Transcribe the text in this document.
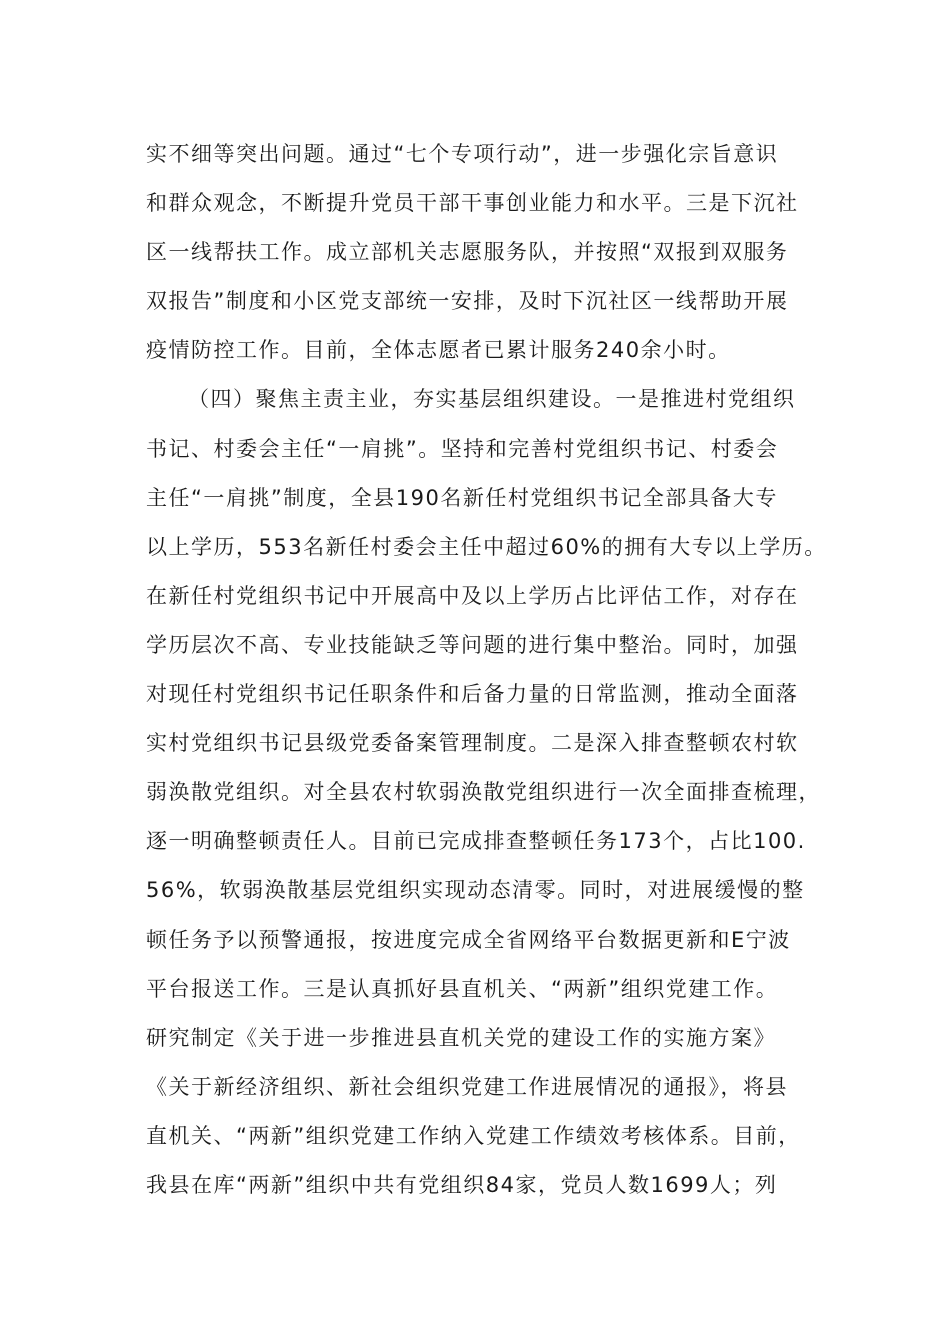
实不细等突出问题。通过“七个专项行动”，进一步强化宗旨意识
和群众观念，不断提升党员干部干事创业能力和水平。三是下沉社
区一线帮扶工作。成立部机关志愿服务队，并按照“双报到双服务
双报告”制度和小区党支部统一安排，及时下沉社区一线帮助开展
疫情防控工作。目前，全体志愿者已累计服务240余小时。
（四）聚焦主责主业，夯实基层组织建设。一是推进村党组织
书记、村委会主任“一肩挑”。坚持和完善村党组织书记、村委会
主任“一肩挑”制度，全县190名新任村党组织书记全部具备大专
以上学历，553名新任村委会主任中超过60%的拥有大专以上学历。
在新任村党组织书记中开展高中及以上学历占比评估工作，对存在
学历层次不高、专业技能缺乏等问题的进行集中整治。同时，加强
对现任村党组织书记任职条件和后备力量的日常监测，推动全面落
实村党组织书记县级党委备案管理制度。二是深入排查整顿农村软
弱涣散党组织。对全县农村软弱涣散党组织进行一次全面排查梳理，
逐一明确整顿责任人。目前已完成排查整顿任务173个，占比100.
56%，软弱涣散基层党组织实现动态清零。同时，对进展缓慢的整
顿任务予以预警通报，按进度完成全省网络平台数据更新和E宁波
平台报送工作。三是认真抓好县直机关、“两新”组织党建工作。
研究制定《关于进一步推进县直机关党的建设工作的实施方案》
《关于新经济组织、新社会组织党建工作进展情况的通报》，将县
直机关、“两新”组织党建工作纳入党建工作绩效考核体系。目前，
我县在库“两新”组织中共有党组织84家，党员人数1699人；列
